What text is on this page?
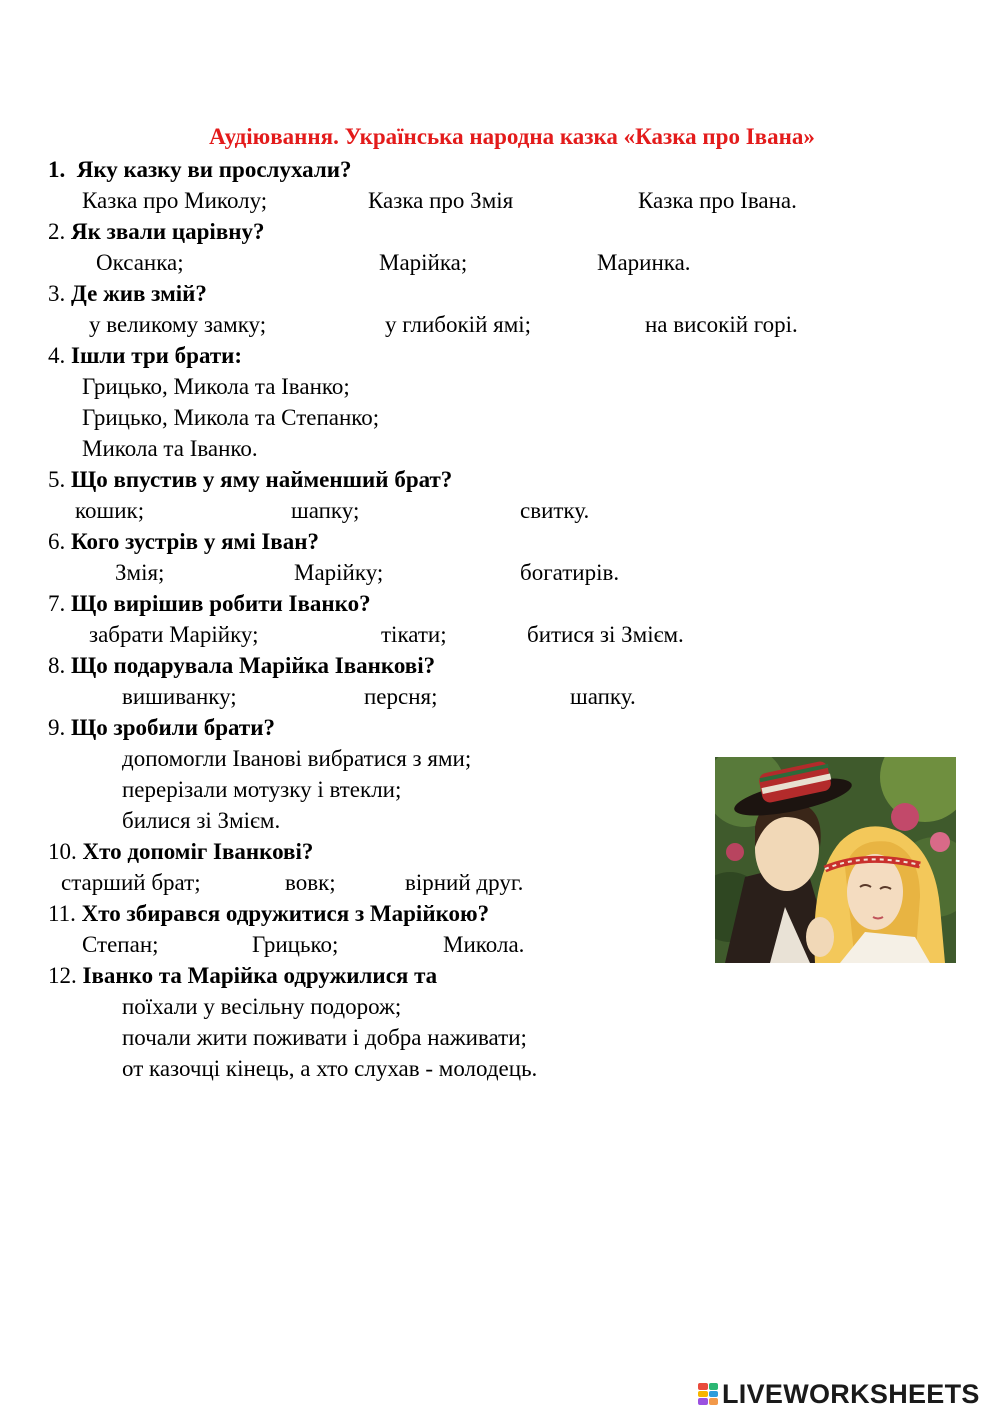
Аудіювання. Українська народна казка «Казка про Івана»
1. Яку казку ви прослухали?
Казка про Миколу;	Казка про Змія	Казка про Івана.
2. Як звали царівну?
Оксанка;	Марійка;	Маринка.
3. Де жив змій?
у великому замку;	у глибокій ямі;	на високій горі.
4. Ішли три брати:
Грицько, Микола та Іванко;
Грицько, Микола та Степанко;
Микола та Іванко.
5. Що впустив у яму найменший брат?
кошик;	шапку;	свитку.
6. Кого зустрів у ямі Іван?
Змія;	Марійку;	богатирів.
7. Що вирішив робити Іванко?
забрати Марійку;	тікати;	битися зі Змієм.
8. Що подарувала Марійка Іванкові?
вишиванку;	персня;	шапку.
9. Що зробили брати?
допомогли Іванові вибратися з ями;
перерізали мотузку і втекли;
билися зі Змієм.
10. Хто допоміг Іванкові?
старший брат;	вовк;	вірний друг.
11. Хто збирався одружитися з Марійкою?
Степан;	Грицько;	Микола.
12. Іванко та Марійка одружилися та
поїхали у весільну подорож;
почали жити поживати і добра наживати;
от казочці кінець, а хто слухав - молодець.
LIVEWORKSHEETS
